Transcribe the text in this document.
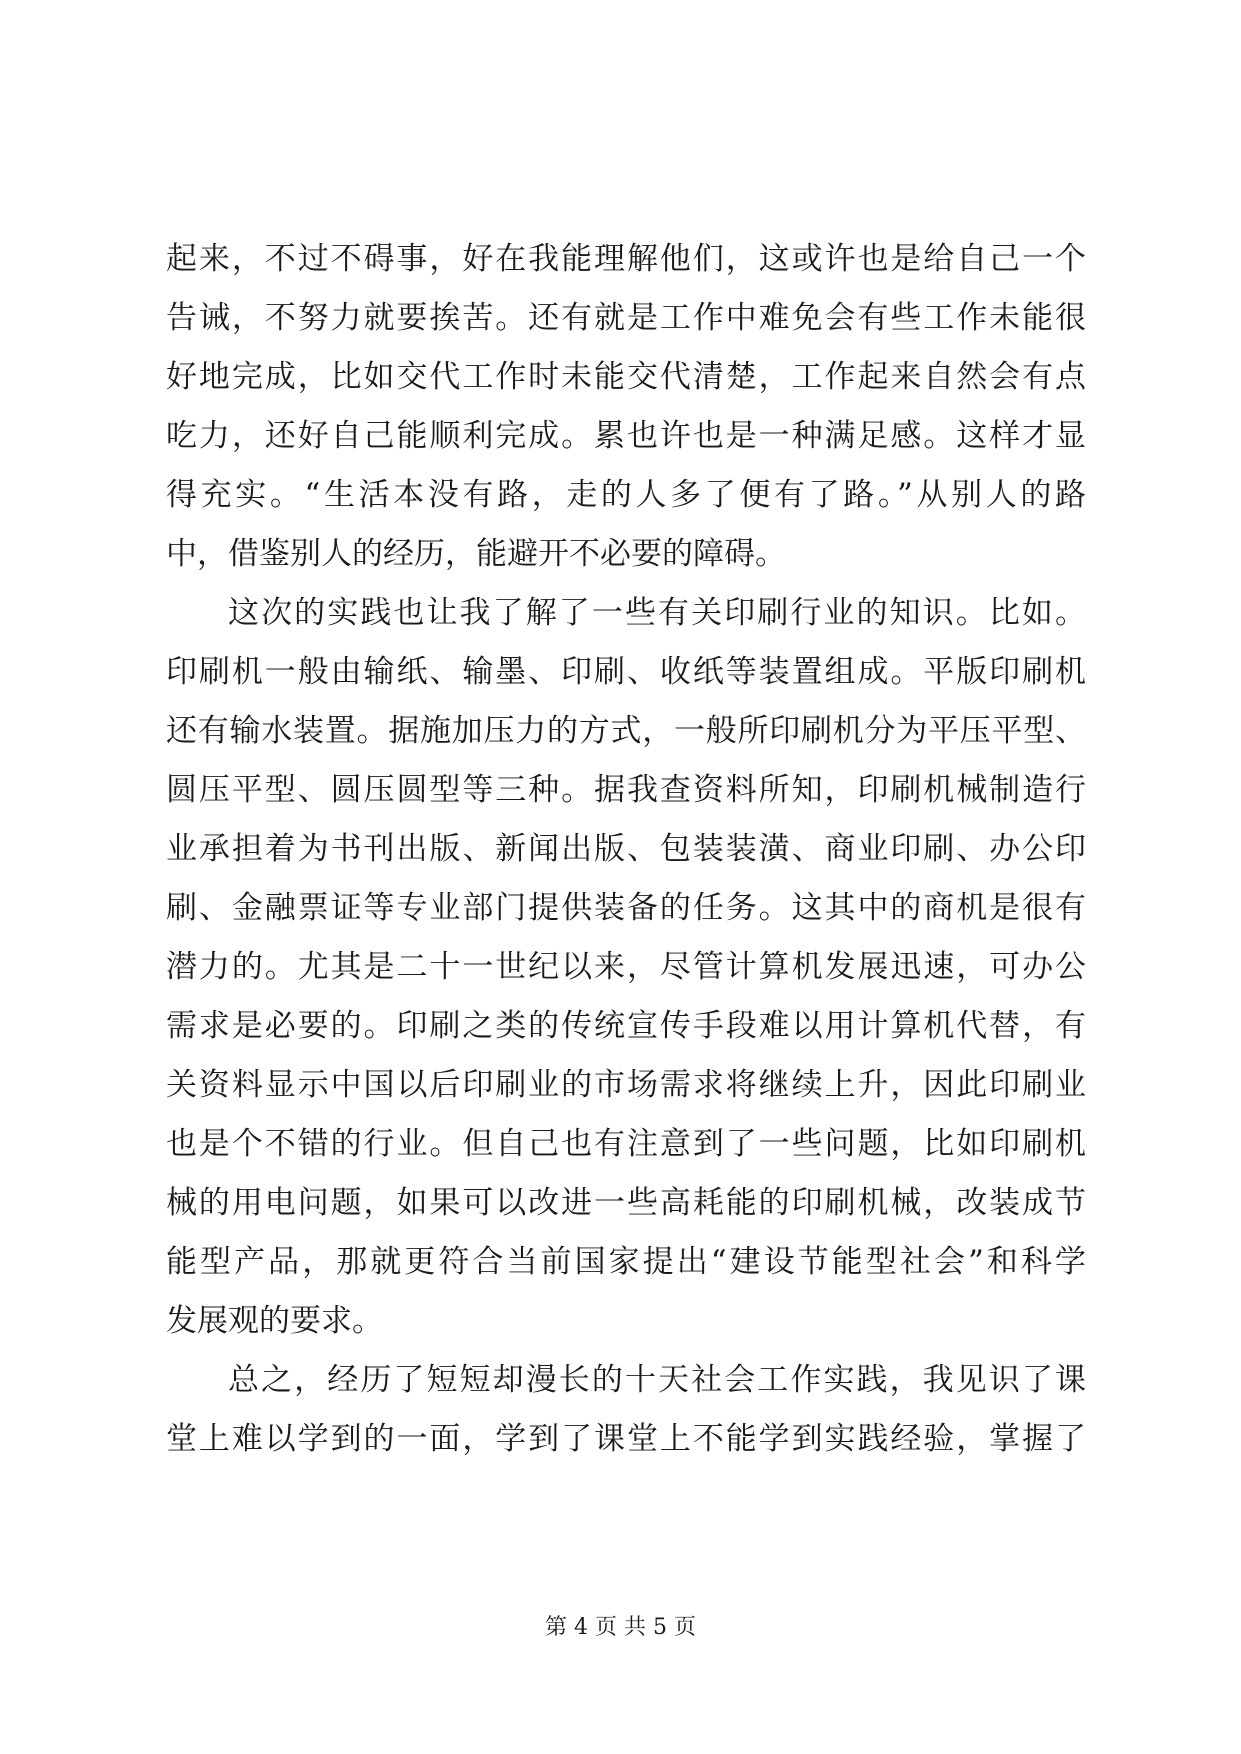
起来，不过不碍事，好在我能理解他们，这或许也是给自己一个
告诫，不努力就要挨苦。还有就是工作中难免会有些工作未能很
好地完成，比如交代工作时未能交代清楚，工作起来自然会有点
吃力，还好自己能顺利完成。累也许也是一种满足感。这样才显
得充实。“生活本没有路，走的人多了便有了路。”从别人的路
中，借鉴别人的经历，能避开不必要的障碍。
这次的实践也让我了解了一些有关印刷行业的知识。比如。
印刷机一般由输纸、输墨、印刷、收纸等装置组成。平版印刷机
还有输水装置。据施加压力的方式，一般所印刷机分为平压平型、
圆压平型、圆压圆型等三种。据我查资料所知，印刷机械制造行
业承担着为书刊出版、新闻出版、包装装潢、商业印刷、办公印
刷、金融票证等专业部门提供装备的任务。这其中的商机是很有
潜力的。尤其是二十一世纪以来，尽管计算机发展迅速，可办公
需求是必要的。印刷之类的传统宣传手段难以用计算机代替，有
关资料显示中国以后印刷业的市场需求将继续上升，因此印刷业
也是个不错的行业。但自己也有注意到了一些问题，比如印刷机
械的用电问题，如果可以改进一些高耗能的印刷机械，改装成节
能型产品，那就更符合当前国家提出“建设节能型社会”和科学
发展观的要求。
总之，经历了短短却漫长的十天社会工作实践，我见识了课
堂上难以学到的一面，学到了课堂上不能学到实践经验，掌握了
第 4 页 共 5 页
